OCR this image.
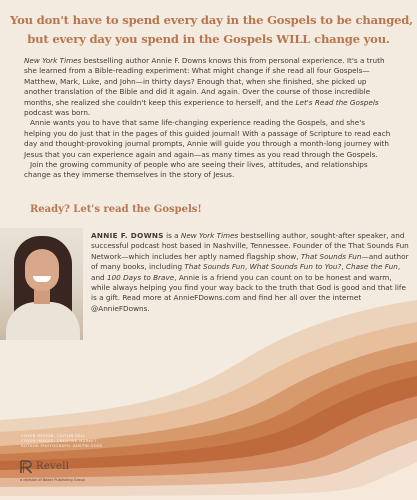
You don't have to spend every day in the Gospels to be changed,
but every day you spend in the Gospels WILL change you.

New York Times bestselling author Annie F. Downs knows this from personal experience. It's a truth she learned from a Bible-reading experiment: What might change if she read all four Gospels—Matthew, Mark, Luke, and John—in thirty days? Enough that, when she finished, she picked up another translation of the Bible and did it again. And again. Over the course of those incredible months, she realized she couldn't keep this experience to herself, and the Let's Read the Gospels podcast was born.

Annie wants you to have that same life-changing experience reading the Gospels, and she's helping you do just that in the pages of this guided journal! With a passage of Scripture to read each day and thought-provoking journal prompts, Annie will guide you through a month-long journey with Jesus that you can experience again and again—as many times as you read through the Gospels.

Join the growing community of people who are seeing their lives, attitudes, and relationships change as they immerse themselves in the story of Jesus.

Ready? Let's read the Gospels!

ANNIE F. DOWNS is a New York Times bestselling author, sought-after speaker, and successful podcast host based in Nashville, Tennessee. Founder of the That Sounds Fun Network—which includes her aptly named flagship show, That Sounds Fun—and author of many books, including That Sounds Fun, What Sounds Fun to You?, Chase the Fun, and 100 Days to Brave, Annie is a friend you can count on to be honest and warm, while always helping you find your way back to the truth that God is good and that life is a gift. Read more at AnnieFDowns.com and find her all over the internet @AnnieFDowns.

COVER DESIGN: CAITLIN SELL
COVER IMAGES: CREATIVE MARKET
AUTHOR PHOTOGRAPH: AUSTIN GOSS
Revell
a division of Baker Publishing Group
